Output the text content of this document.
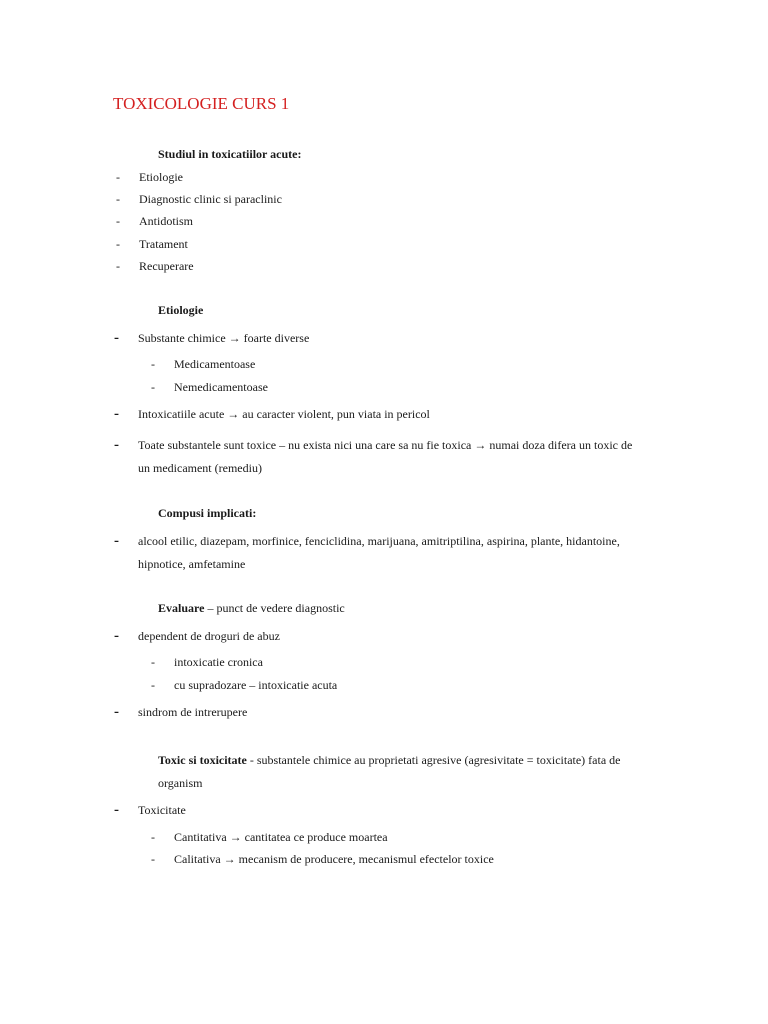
TOXICOLOGIE CURS 1
Studiul in toxicatiilor acute:
- Etiologie
- Diagnostic clinic si paraclinic
- Antidotism
- Tratament
- Recuperare
Etiologie
- Substante chimice → foarte diverse
- Medicamentoase
- Nemedicamentoase
- Intoxicatiile acute → au caracter violent, pun viata in pericol
- Toate substantele sunt toxice – nu exista nici una care sa nu fie toxica → numai doza difera un toxic de
un medicament (remediu)
Compusi implicati:
- alcool etilic, diazepam, morfinice, fenciclidina, marijuana, amitriptilina, aspirina, plante, hidantoine,
hipnotice, amfetamine
Evaluare – punct de vedere diagnostic
- dependent de droguri de abuz
- intoxicatie cronica
- cu supradozare – intoxicatie acuta
- sindrom de intrerupere
Toxic si toxicitate - substantele chimice au proprietati agresive (agresivitate = toxicitate) fata de
organism
- Toxicitate
- Cantitativa → cantitatea ce produce moartea
- Calitativa → mecanism de producere, mecanismul efectelor toxice
